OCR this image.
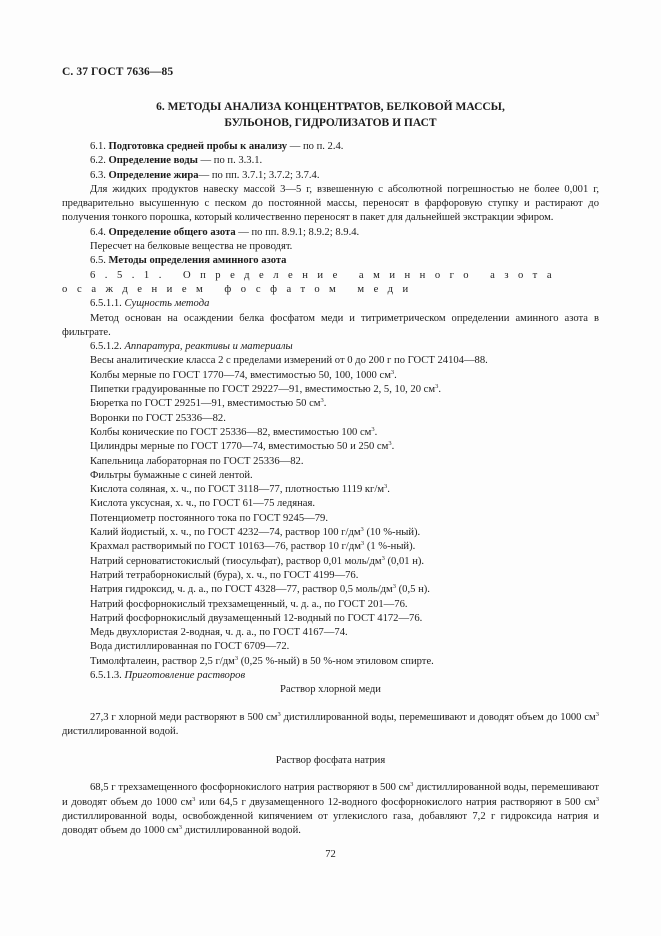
С. 37 ГОСТ 7636—85
6. МЕТОДЫ АНАЛИЗА КОНЦЕНТРАТОВ, БЕЛКОВОЙ МАССЫ,
БУЛЬОНОВ, ГИДРОЛИЗАТОВ И ПАСТ

6.1. Подготовка средней пробы к анализу — по п. 2.4.

6.2. Определение воды — по п. 3.3.1.

6.3. Определение жира— по пп. 3.7.1; 3.7.2; 3.7.4.

Для жидких продуктов навеску массой 3—5 г, взвешенную с абсолютной погрешностью не более 0,001 г, предварительно высушенную с песком до постоянной массы, переносят в фарфоровую ступку и растирают до получения тонкого порошка, который количественно переносят в пакет для дальнейшей экстракции эфиром.

6.4. Определение общего азота — по пп. 8.9.1; 8.9.2; 8.9.4.

Пересчет на белковые вещества не проводят.

6.5. Методы определения аминного азота

6.5.1. Определение аминного азота осаждением фосфатом меди

6.5.1.1. Сущность метода

Метод основан на осаждении белка фосфатом меди и титриметрическом определении аминного азота в фильтрате.

6.5.1.2. Аппаратура, реактивы и материалы

Весы аналитические класса 2 с пределами измерений от 0 до 200 г по ГОСТ 24104—88.

Колбы мерные по ГОСТ 1770—74, вместимостью 50, 100, 1000 $см^3$.

Пипетки градуированные по ГОСТ 29227—91, вместимостью 2, 5, 10, 20 $см^3$.

Бюретка по ГОСТ 29251—91, вместимостью 50 $см^3$.

Воронки по ГОСТ 25336—82.

Колбы конические по ГОСТ 25336—82, вместимостью 100 $см^3$.

Цилиндры мерные по ГОСТ 1770—74, вместимостью 50 и 250 $см^3$.

Капельница лабораторная по ГОСТ 25336—82.

Фильтры бумажные с синей лентой.

Кислота соляная, х. ч., по ГОСТ 3118—77, плотностью 1119 $кг/м^3$.

Кислота уксусная, х. ч., по ГОСТ 61—75 ледяная.

Потенциометр постоянного тока по ГОСТ 9245—79.

Калий йодистый, х. ч., по ГОСТ 4232—74, раствор 100 $г/дм^3$ (10 %-ный).

Крахмал растворимый по ГОСТ 10163—76, раствор 10 $г/дм^3$ (1 %-ный).

Натрий серноватистокислый (тиосульфат), раствор 0,01 моль/$дм^3$ (0,01 н).

Натрий тетраборнокислый (бура), х. ч., по ГОСТ 4199—76.

Натрия гидроксид, ч. д. а., по ГОСТ 4328—77, раствор 0,5 моль/$дм^3$ (0,5 н).

Натрий фосфорнокислый трехзамещенный, ч. д. а., по ГОСТ 201—76.

Натрий фосфорнокислый двузамещенный 12-водный по ГОСТ 4172—76.

Медь двухлористая 2-водная, ч. д. а., по ГОСТ 4167—74.

Вода дистиллированная по ГОСТ 6709—72.

Тимолфталеин, раствор 2,5 $г/дм^3$ (0,25 %-ный) в 50 %-ном этиловом спирте.

6.5.1.3. Приготовление растворов

Раствор хлорной меди

27,3 г хлорной меди растворяют в 500 $см^3$ дистиллированной воды, перемешивают и доводят объем до 1000 $см^3$ дистиллированной водой.

Раствор фосфата натрия

68,5 г трехзамещенного фосфорнокислого натрия растворяют в 500 $см^3$ дистиллированной воды, перемешивают и доводят объем до 1000 $см^3$ или 64,5 г двузамещенного 12-водного фосфорнокислого натрия растворяют в 500 $см^3$ дистиллированной воды, освобожденной кипячением от углекислого газа, добавляют 7,2 г гидроксида натрия и доводят объем до 1000 $см^3$ дистиллированной водой.

72
